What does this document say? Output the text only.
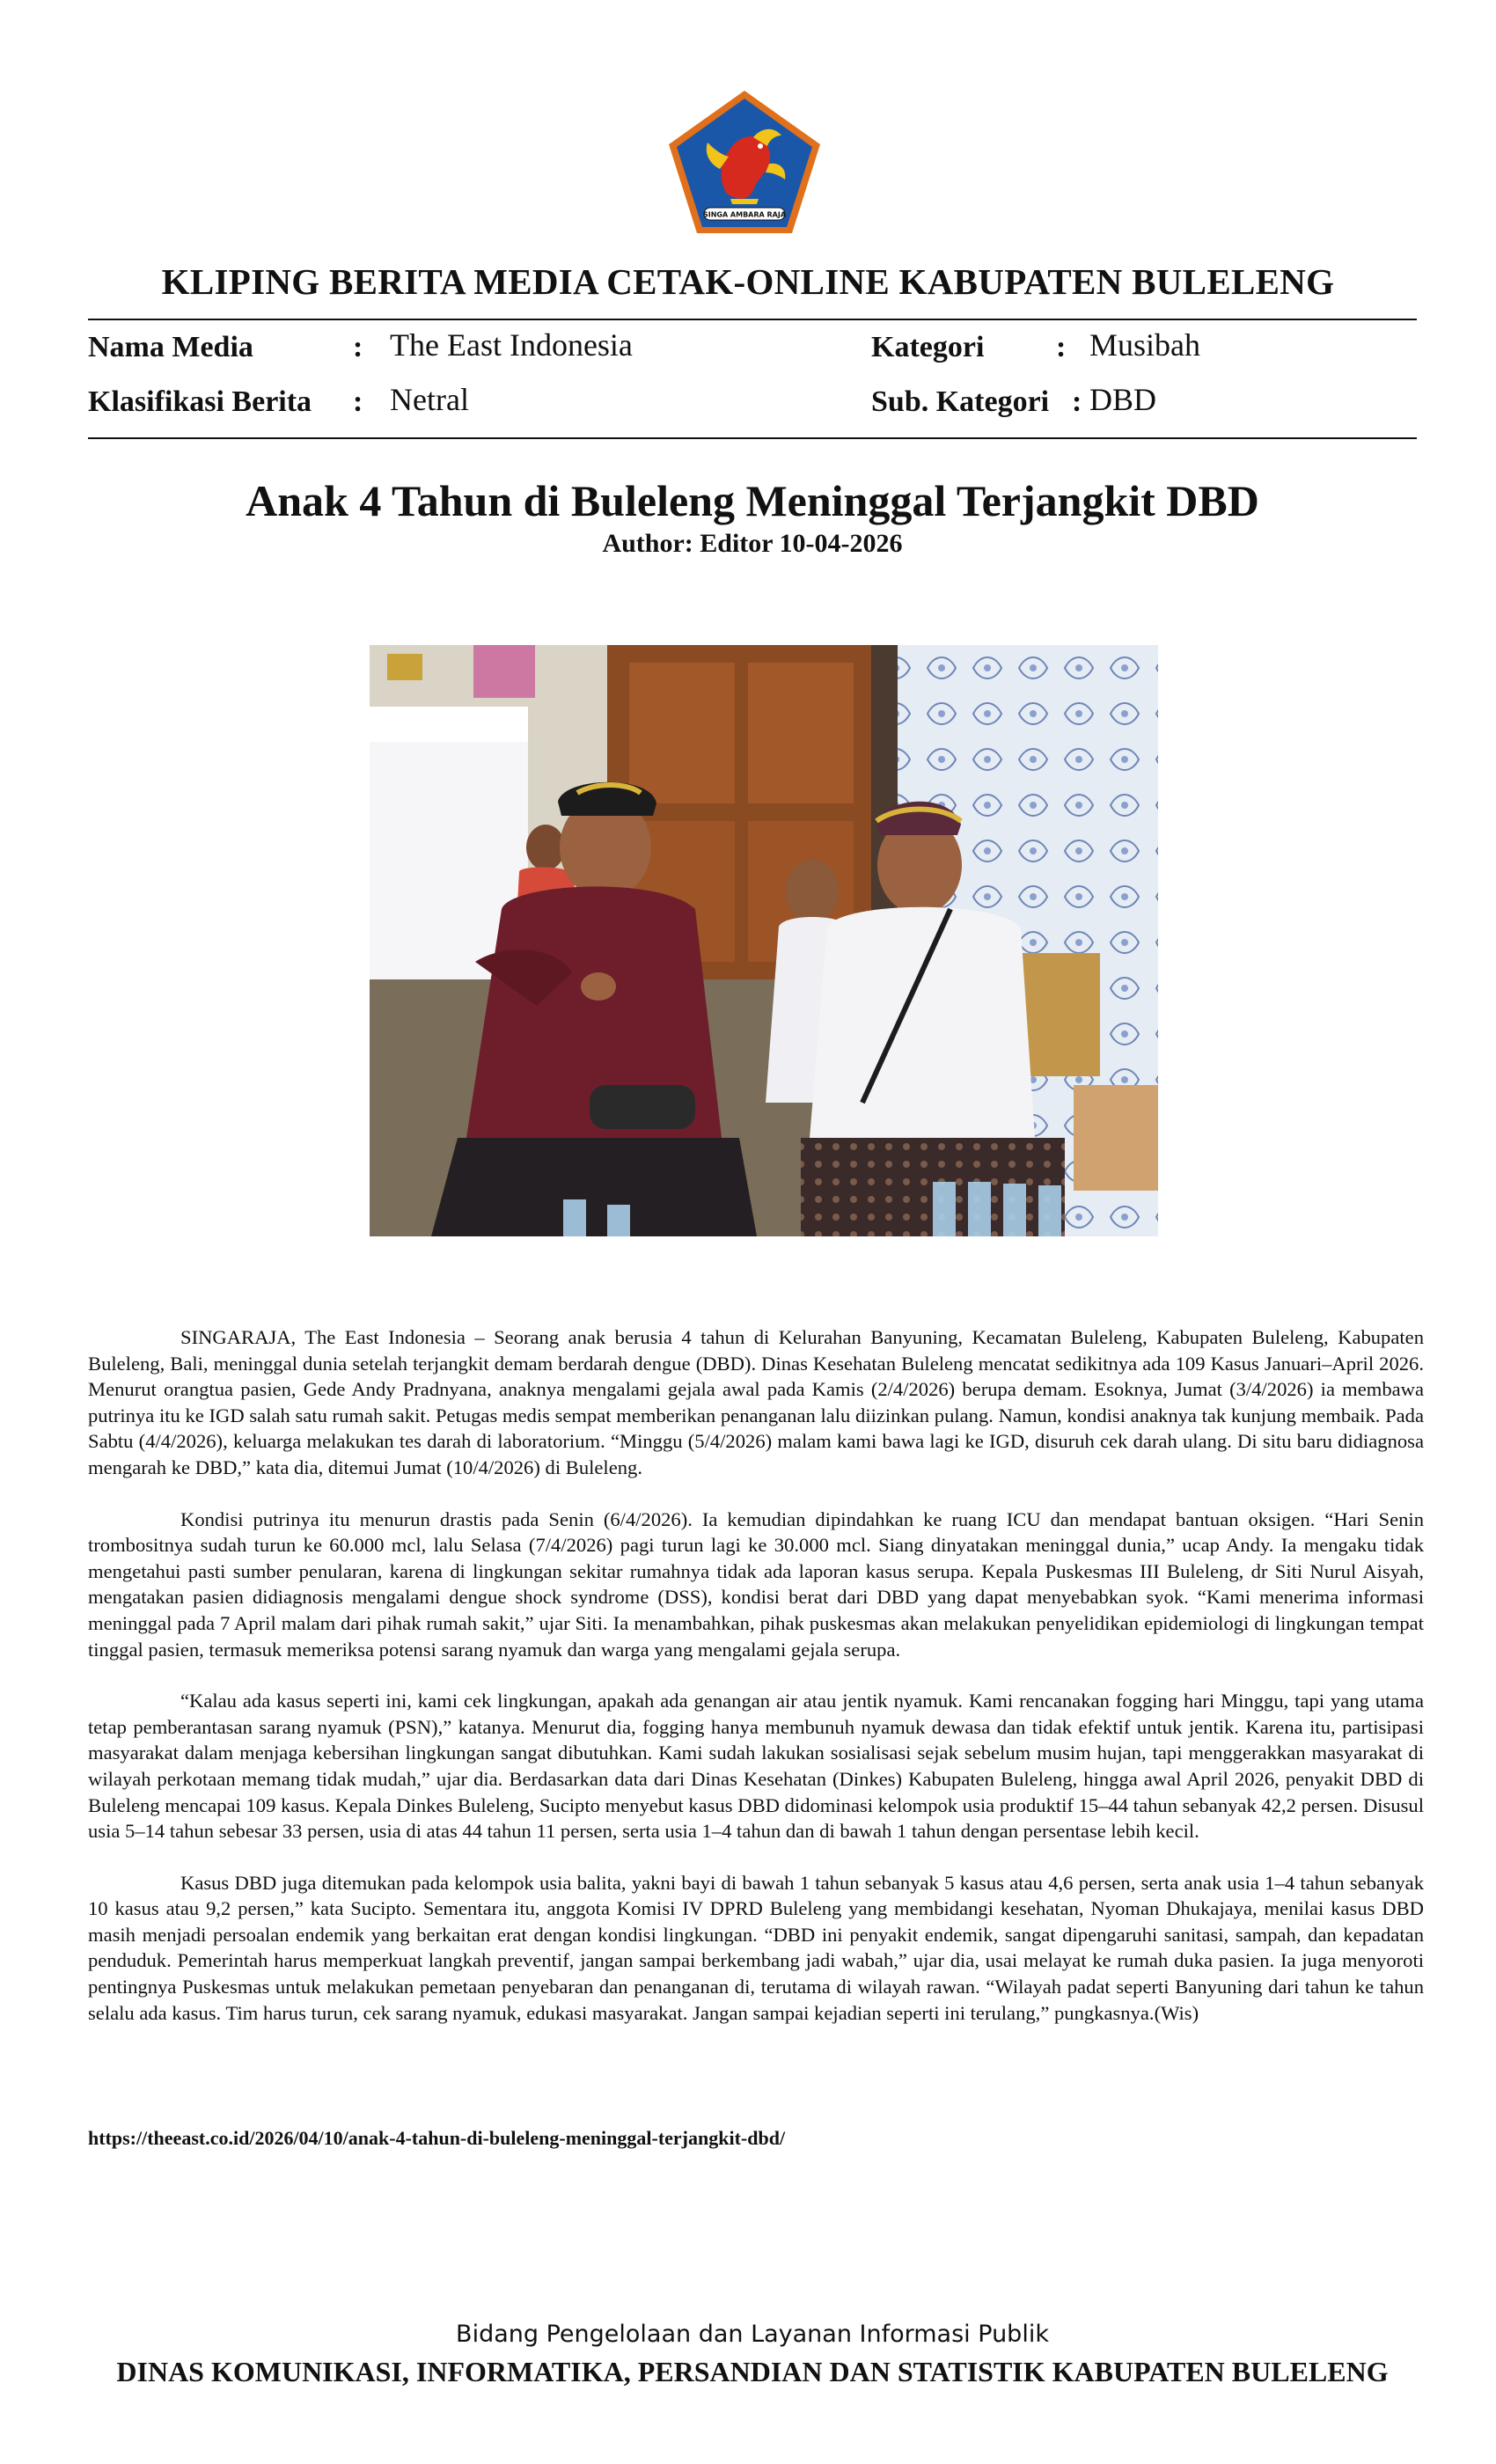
SINGA AMBARA RAJA
KLIPING BERITA MEDIA CETAK-ONLINE KABUPATEN BULELENG
Nama Media	: The East Indonesia
Klasifikasi Berita : Netral
Kategori : Musibah
Sub. Kategori : DBD
Anak 4 Tahun di Buleleng Meninggal Terjangkit DBD
Author: Editor 10-04-2026

SINGARAJA, The East Indonesia – Seorang anak berusia 4 tahun di Kelurahan Banyuning, Kecamatan Buleleng, Kabupaten Buleleng, Kabupaten Buleleng, Bali, meninggal dunia setelah terjangkit demam berdarah dengue (DBD). Dinas Kesehatan Buleleng mencatat sedikitnya ada 109 Kasus Januari–April 2026. Menurut orangtua pasien, Gede Andy Pradnyana, anaknya mengalami gejala awal pada Kamis (2/4/2026) berupa demam. Esoknya, Jumat (3/4/2026) ia membawa putrinya itu ke IGD salah satu rumah sakit. Petugas medis sempat memberikan penanganan lalu diizinkan pulang. Namun, kondisi anaknya tak kunjung membaik. Pada Sabtu (4/4/2026), keluarga melakukan tes darah di laboratorium. “Minggu (5/4/2026) malam kami bawa lagi ke IGD, disuruh cek darah ulang. Di situ baru didiagnosa mengarah ke DBD,” kata dia, ditemui Jumat (10/4/2026) di Buleleng.

Kondisi putrinya itu menurun drastis pada Senin (6/4/2026). Ia kemudian dipindahkan ke ruang ICU dan mendapat bantuan oksigen. “Hari Senin trombositnya sudah turun ke 60.000 mcl, lalu Selasa (7/4/2026) pagi turun lagi ke 30.000 mcl. Siang dinyatakan meninggal dunia,” ucap Andy. Ia mengaku tidak mengetahui pasti sumber penularan, karena di lingkungan sekitar rumahnya tidak ada laporan kasus serupa. Kepala Puskesmas III Buleleng, dr Siti Nurul Aisyah, mengatakan pasien didiagnosis mengalami dengue shock syndrome (DSS), kondisi berat dari DBD yang dapat menyebabkan syok. “Kami menerima informasi meninggal pada 7 April malam dari pihak rumah sakit,” ujar Siti. Ia menambahkan, pihak puskesmas akan melakukan penyelidikan epidemiologi di lingkungan tempat tinggal pasien, termasuk memeriksa potensi sarang nyamuk dan warga yang mengalami gejala serupa.

“Kalau ada kasus seperti ini, kami cek lingkungan, apakah ada genangan air atau jentik nyamuk. Kami rencanakan fogging hari Minggu, tapi yang utama tetap pemberantasan sarang nyamuk (PSN),” katanya. Menurut dia, fogging hanya membunuh nyamuk dewasa dan tidak efektif untuk jentik. Karena itu, partisipasi masyarakat dalam menjaga kebersihan lingkungan sangat dibutuhkan. Kami sudah lakukan sosialisasi sejak sebelum musim hujan, tapi menggerakkan masyarakat di wilayah perkotaan memang tidak mudah,” ujar dia. Berdasarkan data dari Dinas Kesehatan (Dinkes) Kabupaten Buleleng, hingga awal April 2026, penyakit DBD di Buleleng mencapai 109 kasus. Kepala Dinkes Buleleng, Sucipto menyebut kasus DBD didominasi kelompok usia produktif 15–44 tahun sebanyak 42,2 persen. Disusul usia 5–14 tahun sebesar 33 persen, usia di atas 44 tahun 11 persen, serta usia 1–4 tahun dan di bawah 1 tahun dengan persentase lebih kecil.

Kasus DBD juga ditemukan pada kelompok usia balita, yakni bayi di bawah 1 tahun sebanyak 5 kasus atau 4,6 persen, serta anak usia 1–4 tahun sebanyak 10 kasus atau 9,2 persen,” kata Sucipto. Sementara itu, anggota Komisi IV DPRD Buleleng yang membidangi kesehatan, Nyoman Dhukajaya, menilai kasus DBD masih menjadi persoalan endemik yang berkaitan erat dengan kondisi lingkungan. “DBD ini penyakit endemik, sangat dipengaruhi sanitasi, sampah, dan kepadatan penduduk. Pemerintah harus memperkuat langkah preventif, jangan sampai berkembang jadi wabah,” ujar dia, usai melayat ke rumah duka pasien. Ia juga menyoroti pentingnya Puskesmas untuk melakukan pemetaan penyebaran dan penanganan di, terutama di wilayah rawan. “Wilayah padat seperti Banyuning dari tahun ke tahun selalu ada kasus. Tim harus turun, cek sarang nyamuk, edukasi masyarakat. Jangan sampai kejadian seperti ini terulang,” pungkasnya.(Wis)

https://theeast.co.id/2026/04/10/anak-4-tahun-di-buleleng-meninggal-terjangkit-dbd/
Bidang Pengelolaan dan Layanan Informasi Publik
DINAS KOMUNIKASI, INFORMATIKA, PERSANDIAN DAN STATISTIK KABUPATEN BULELENG
